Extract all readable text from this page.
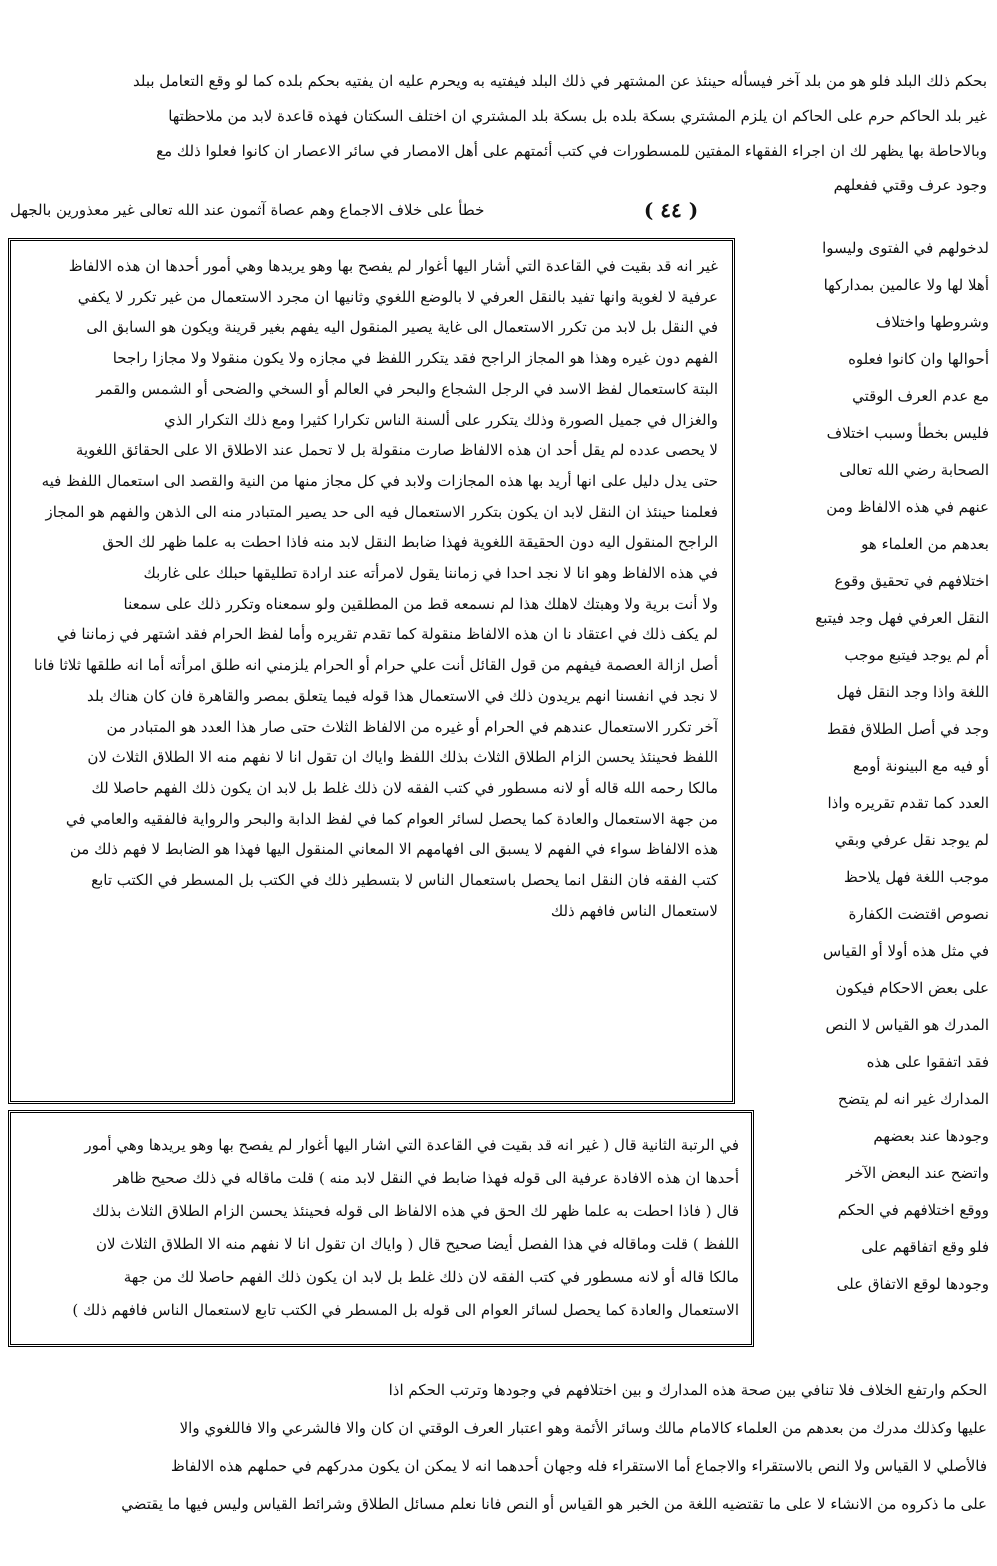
بحكم ذلك البلد فلو هو من بلد آخر فيسأله حينئذ عن المشتهر في ذلك البلد فيفتيه به ويحرم عليه ان يفتيه بحكم بلده كما لو وقع التعامل ببلد
غير بلد الحاكم حرم على الحاكم ان يلزم المشتري بسكة بلده بل بسكة بلد المشتري ان اختلف السكتان فهذه قاعدة لابد من ملاحظتها
وبالاحاطة بها يظهر لك ان اجراء الفقهاء المفتين للمسطورات في كتب أئمتهم على أهل الامصار في سائر الاعصار ان كانوا فعلوا ذلك مع
وجود عرف وقتي ففعلهم
( ٤٤ )
خطأ على خلاف الاجماع وهم عصاة آثمون عند الله تعالى غير معذورين بالجهل
لدخولهم في الفتوى وليسوا
أهلا لها ولا عالمين بمداركها
وشروطها واختلاف
أحوالها وان كانوا فعلوه
مع عدم العرف الوقتي
فليس بخطأ وسبب اختلاف
الصحابة رضي الله تعالى
عنهم في هذه الالفاظ ومن
بعدهم من العلماء هو
اختلافهم في تحقيق وقوع
النقل العرفي فهل وجد فيتبع
أم لم يوجد فيتبع موجب
اللغة واذا وجد النقل فهل
وجد في أصل الطلاق فقط
أو فيه مع البينونة أومع
العدد كما تقدم تقريره واذا
لم يوجد نقل عرفي وبقي
موجب اللغة فهل يلاحظ
نصوص اقتضت الكفارة
في مثل هذه أولا أو القياس
على بعض الاحكام فيكون
المدرك هو القياس لا النص
فقد اتفقوا على هذه
المدارك غير انه لم يتضح
وجودها عند بعضهم
واتضح عند البعض الآخر
ووقع اختلافهم في الحكم
فلو وقع اتفاقهم على
وجودها لوقع الاتفاق على
غير انه قد بقيت في القاعدة التي أشار اليها أغوار لم يفصح بها وهو يريدها وهي أمور أحدها ان هذه الالفاظ
عرفية لا لغوية وانها تفيد بالنقل العرفي لا بالوضع اللغوي وثانيها ان مجرد الاستعمال من غير تكرر لا يكفي
في النقل بل لابد من تكرر الاستعمال الى غاية يصير المنقول اليه يفهم بغير قرينة ويكون هو السابق الى
الفهم دون غيره وهذا هو المجاز الراجح فقد يتكرر اللفظ في مجازه ولا يكون منقولا ولا مجازا راجحا
البتة كاستعمال لفظ الاسد في الرجل الشجاع والبحر في العالم أو السخي والضحى أو الشمس والقمر
والغزال في جميل الصورة وذلك يتكرر على ألسنة الناس تكرارا كثيرا ومع ذلك التكرار الذي
لا يحصى عدده لم يقل أحد ان هذه الالفاظ صارت منقولة بل لا تحمل عند الاطلاق الا على الحقائق اللغوية
حتى يدل دليل على انها أريد بها هذه المجازات ولابد في كل مجاز منها من النية والقصد الى استعمال اللفظ فيه
فعلمنا حينئذ ان النقل لابد ان يكون بتكرر الاستعمال فيه الى حد يصير المتبادر منه الى الذهن والفهم هو المجاز
الراجح المنقول اليه دون الحقيقة اللغوية فهذا ضابط النقل لابد منه فاذا احطت به علما ظهر لك الحق
في هذه الالفاظ وهو انا لا نجد احدا في زماننا يقول لامرأته عند ارادة تطليقها حبلك على غاربك
ولا أنت برية ولا وهبتك لاهلك هذا لم نسمعه قط من المطلقين ولو سمعناه وتكرر ذلك على سمعنا
لم يكف ذلك في اعتقاد نا ان هذه الالفاظ منقولة كما تقدم تقريره وأما لفظ الحرام فقد اشتهر في زماننا في
أصل ازالة العصمة فيفهم من قول القائل أنت علي حرام أو الحرام يلزمني انه طلق امرأته أما انه طلقها ثلاثا فانا
لا نجد في انفسنا انهم يريدون ذلك في الاستعمال هذا قوله فيما يتعلق بمصر والقاهرة فان كان هناك بلد
آخر تكرر الاستعمال عندهم في الحرام أو غيره من الالفاظ الثلاث حتى صار هذا العدد هو المتبادر من
اللفظ فحينئذ يحسن الزام الطلاق الثلاث بذلك اللفظ واياك ان تقول انا لا نفهم منه الا الطلاق الثلاث لان
مالكا رحمه الله قاله أو لانه مسطور في كتب الفقه لان ذلك غلط بل لابد ان يكون ذلك الفهم حاصلا لك
من جهة الاستعمال والعادة كما يحصل لسائر العوام كما في لفظ الدابة والبحر والرواية فالفقيه والعامي في
هذه الالفاظ سواء في الفهم لا يسبق الى افهامهم الا المعاني المنقول اليها فهذا هو الضابط لا فهم ذلك من
كتب الفقه فان النقل انما يحصل باستعمال الناس لا بتسطير ذلك في الكتب بل المسطر في الكتب تابع
لاستعمال الناس فافهم ذلك
في الرتبة الثانية قال ( غير انه قد بقيت في القاعدة التي اشار اليها أغوار لم يفصح بها وهو يريدها وهي أمور
أحدها ان هذه الافادة عرفية الى قوله فهذا ضابط في النقل لابد منه ) قلت ماقاله في ذلك صحيح ظاهر
قال ( فاذا احطت به علما ظهر لك الحق في هذه الالفاظ الى قوله فحينئذ يحسن الزام الطلاق الثلاث بذلك
اللفظ ) قلت وماقاله في هذا الفصل أيضا صحيح قال ( واياك ان تقول انا لا نفهم منه الا الطلاق الثلاث لان
مالكا قاله أو لانه مسطور في كتب الفقه لان ذلك غلط بل لابد ان يكون ذلك الفهم حاصلا لك من جهة
الاستعمال والعادة كما يحصل لسائر العوام الى قوله بل المسطر في الكتب تابع لاستعمال الناس فافهم ذلك )
الحكم وارتفع الخلاف فلا تنافي بين صحة هذه المدارك و بين اختلافهم في وجودها وترتب الحكم اذا
عليها وكذلك مدرك من بعدهم من العلماء كالامام مالك وسائر الأئمة وهو اعتبار العرف الوقتي ان كان والا فالشرعي والا فاللغوي والا
فالأصلي لا القياس ولا النص بالاستقراء والاجماع أما الاستقراء فله وجهان أحدهما انه لا يمكن ان يكون مدركهم في حملهم هذه الالفاظ
على ما ذكروه من الانشاء لا على ما تقتضيه اللغة من الخبر هو القياس أو النص فانا نعلم مسائل الطلاق وشرائط القياس وليس فيها ما يقتضي
